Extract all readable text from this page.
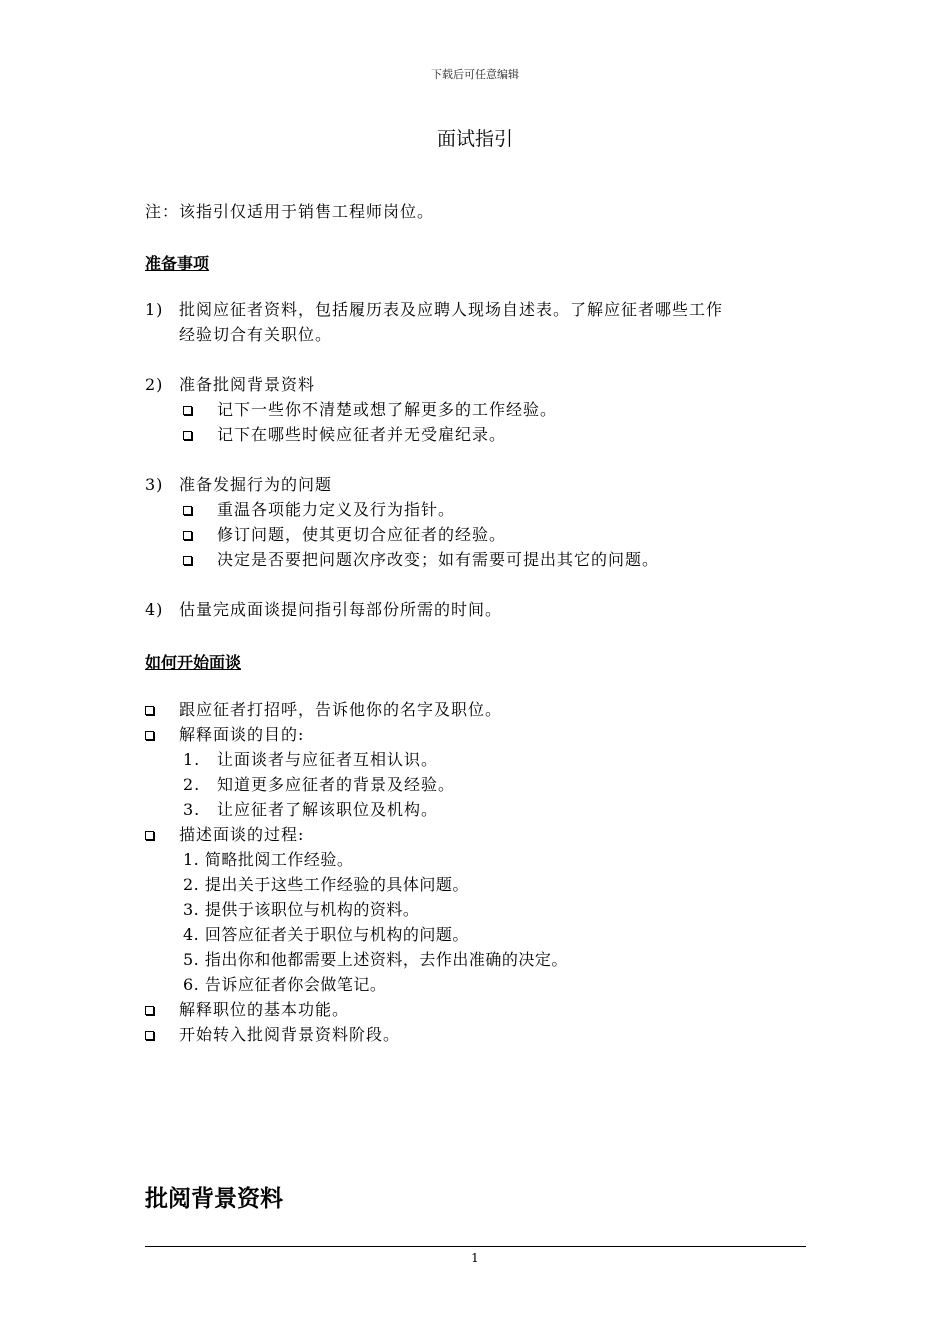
下载后可任意编辑
面试指引
注：该指引仅适用于销售工程师岗位。
准备事项
1) 批阅应征者资料，包括履历表及应聘人现场自述表。了解应征者哪些工作
经验切合有关职位。
2) 准备批阅背景资料
记下一些你不清楚或想了解更多的工作经验。
记下在哪些时候应征者并无受雇纪录。
3) 准备发掘行为的问题
重温各项能力定义及行为指针。
修订问题，使其更切合应征者的经验。
决定是否要把问题次序改变；如有需要可提出其它的问题。
4) 估量完成面谈提问指引每部份所需的时间。
如何开始面谈
跟应征者打招呼，告诉他你的名字及职位。
解释面谈的目的:
1. 让面谈者与应征者互相认识。
2. 知道更多应征者的背景及经验。
3. 让应征者了解该职位及机构。
描述面谈的过程:
1. 简略批阅工作经验。
2. 提出关于这些工作经验的具体问题。
3. 提供于该职位与机构的资料。
4. 回答应征者关于职位与机构的问题。
5. 指出你和他都需要上述资料，去作出准确的决定。
6. 告诉应征者你会做笔记。
解释职位的基本功能。
开始转入批阅背景资料阶段。
批阅背景资料
1
